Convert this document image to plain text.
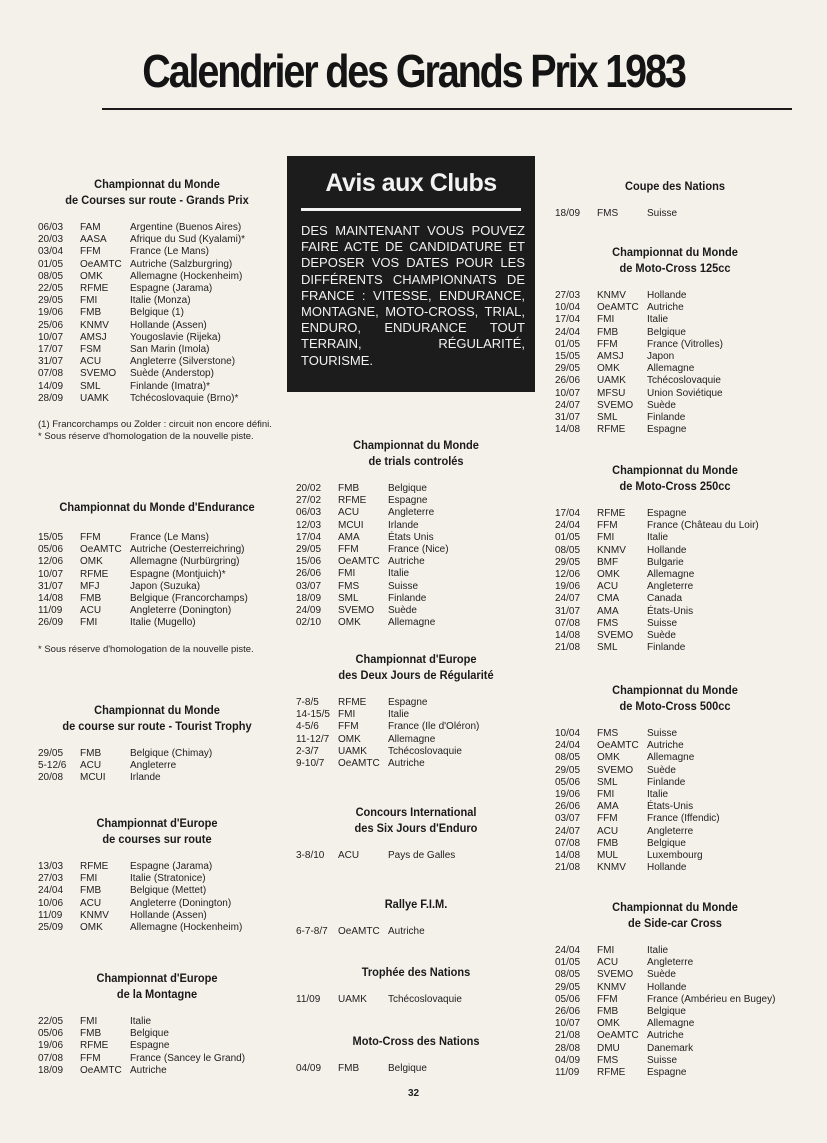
Calendrier des Grands Prix 1983
Championnat du Monde
de Courses sur route - Grands Prix
06/03	FAM	Argentine (Buenos Aires)
20/03	AASA	Afrique du Sud (Kyalami)*
03/04	FFM	France (Le Mans)
01/05	OeAMTC Autriche (Salzburgring)
08/05	OMK	Allemagne (Hockenheim)
22/05	RFME	Espagne (Jarama)
29/05	FMI	Italie (Monza)
19/06	FMB	Belgique (1)
25/06	KNMV	Hollande (Assen)
10/07	AMSJ	Yougoslavie (Rijeka)
17/07	FSM	San Marin (Imola)
31/07	ACU	Angleterre (Silverstone)
07/08	SVEMO	Suède (Anderstop)
14/09	SML	Finlande (Imatra)*
28/09	UAMK	Tchécoslovaquie (Brno)*
(1) Francorchamps ou Zolder : circuit non encore défini.
* Sous réserve d'homologation de la nouvelle piste.
Championnat du Monde d'Endurance
15/05	FFM	France (Le Mans)
05/06	OeAMTC Autriche (Oesterreichring)
12/06	OMK	Allemagne (Nurbürgring)
10/07	RFME	Espagne (Montjuich)*
31/07	MFJ	Japon (Suzuka)
14/08	FMB	Belgique (Francorchamps)
11/09	ACU	Angleterre (Donington)
26/09	FMI	Italie (Mugello)
* Sous réserve d'homologation de la nouvelle piste.
Championnat du Monde
de course sur route - Tourist Trophy
29/05	FMB	Belgique (Chimay)
5-12/6	ACU	Angleterre
20/08	MCUI	Irlande
Championnat d'Europe
de courses sur route
13/03	RFME	Espagne (Jarama)
27/03	FMI	Italie (Stratonice)
24/04	FMB	Belgique (Mettet)
10/06	ACU	Angleterre (Donington)
11/09	KNMV	Hollande (Assen)
25/09	OMK	Allemagne (Hockenheim)
Championnat d'Europe
de la Montagne
22/05	FMI	Italie
05/06	FMB	Belgique
19/06	RFME	Espagne
07/08	FFM	France (Sancey le Grand)
18/09	OeAMTC Autriche
Avis aux Clubs
DES MAINTENANT VOUS POUVEZ FAIRE ACTE DE CANDIDATURE ET DEPOSER VOS DATES POUR LES DIFFÉRENTS CHAMPIONNATS DE FRANCE : VITESSE, ENDURANCE, MONTAGNE, MOTO-CROSS, TRIAL, ENDURO, ENDURANCE TOUT TERRAIN, RÉGULARITÉ, TOURISME.
Championnat du Monde
de trials controlés
20/02	FMB	Belgique
27/02	RFME	Espagne
06/03	ACU	Angleterre
12/03	MCUI	Irlande
17/04	AMA	États Unis
29/05	FFM	France (Nice)
15/06	OeAMTC Autriche
26/06	FMI	Italie
03/07	FMS	Suisse
18/09	SML	Finlande
24/09	SVEMO	Suède
02/10	OMK	Allemagne
Championnat d'Europe
des Deux Jours de Régularité
7-8/5	RFME	Espagne
14-15/5 FMI	Italie
4-5/6	FFM	France (Ile d'Oléron)
11-12/7 OMK	Allemagne
2-3/7	UAMK	Tchécoslovaquie
9-10/7	OeAMTC Autriche
Concours International
des Six Jours d'Enduro
3-8/10	ACU	Pays de Galles
Rallye F.I.M.
6-7-8/7	OeAMTC Autriche
Trophée des Nations
11/09	UAMK	Tchécoslovaquie
Moto-Cross des Nations
04/09	FMB	Belgique
Coupe des Nations
18/09	FMS	Suisse
Championnat du Monde
de Moto-Cross 125cc
27/03	KNMV	Hollande
10/04	OeAMTC Autriche
17/04	FMI	Italie
24/04	FMB	Belgique
01/05	FFM	France (Vitrolles)
15/05	AMSJ	Japon
29/05	OMK	Allemagne
26/06	UAMK	Tchécoslovaquie
10/07	MFSU	Union Soviétique
24/07	SVEMO	Suède
31/07	SML	Finlande
14/08	RFME	Espagne
Championnat du Monde
de Moto-Cross 250cc
17/04	RFME	Espagne
24/04	FFM	France (Château du Loir)
01/05	FMI	Italie
08/05	KNMV	Hollande
29/05	BMF	Bulgarie
12/06	OMK	Allemagne
19/06	ACU	Angleterre
24/07	CMA	Canada
31/07	AMA	États-Unis
07/08	FMS	Suisse
14/08	SVEMO	Suède
21/08	SML	Finlande
Championnat du Monde
de Moto-Cross 500cc
10/04	FMS	Suisse
24/04	OeAMTC Autriche
08/05	OMK	Allemagne
29/05	SVEMO	Suède
05/06	SML	Finlande
19/06	FMI	Italie
26/06	AMA	États-Unis
03/07	FFM	France (Iffendic)
24/07	ACU	Angleterre
07/08	FMB	Belgique
14/08	MUL	Luxembourg
21/08	KNMV	Hollande
Championnat du Monde
de Side-car Cross
24/04	FMI	Italie
01/05	ACU	Angleterre
08/05	SVEMO	Suède
29/05	KNMV	Hollande
05/06	FFM	France (Ambérieu en Bugey)
26/06	FMB	Belgique
10/07	OMK	Allemagne
21/08	OeAMTC Autriche
28/08	DMU	Danemark
04/09	FMS	Suisse
11/09	RFME	Espagne
32
